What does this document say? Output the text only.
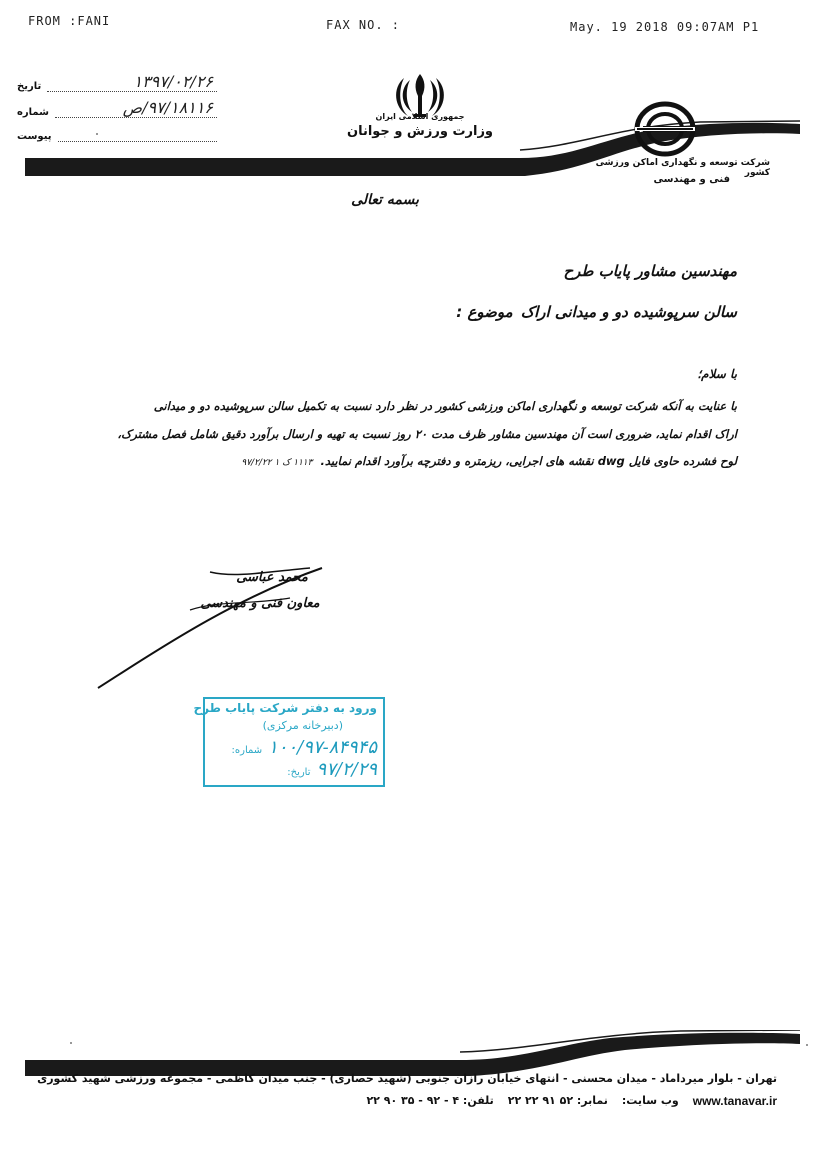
FROM :FANI	FAX NO. :	May. 19 2018 09:07AM P1
تاریخ	۱۳۹۷/۰۲/۲۶
شماره	۹۷/۱۸۱۱۶/ص
پیوست
جمهوری اسلامی ایران
وزارت ورزش و جوانان
شرکت توسعه و نگهداری اماکن ورزشی کشور
فنی و مهندسی
بسمه تعالی
مهندسین مشاور پایاب طرح
موضوع : سالن سرپوشیده دو و میدانی اراک
با سلام؛
با عنایت به آنکه شرکت توسعه و نگهداری اماکن ورزشی کشور در نظر دارد نسبت به تکمیل سالن سرپوشیده دو و میدانی
اراک اقدام نماید، ضروری است آن مهندسین مشاور ظرف مدت ۲۰ روز نسبت به تهیه و ارسال برآورد دقیق شامل فصل مشترک،
لوح فشرده حاوی فایل dwg نقشه های اجرایی، ریزمتره و دفترچه برآورد اقدام نمایید. ۱۱۱۳ ک ۱ ۹۷/۲/۲۲
محمد عباسی
معاون فنی و مهندسی
ورود به دفتر شرکت پایاب طرح
(دبیرخانه مرکزی)
شماره: ۱۰۰/۹۷-۸۴۹۴۵
تاریخ: ۹۷/۲/۲۹
تهران - بلوار میرداماد - میدان محسنی - انتهای خیابان رازان جنوبی (شهید حصاری) - جنب میدان کاظمی - مجموعه ورزشی شهید کشوری
تلفن: ۴ - ۹۲ - ۳۵ ۹۰ ۲۲ نمابر: ۵۲ ۹۱ ۲۲ ۲۲ وب سایت: www.tanavar.ir
